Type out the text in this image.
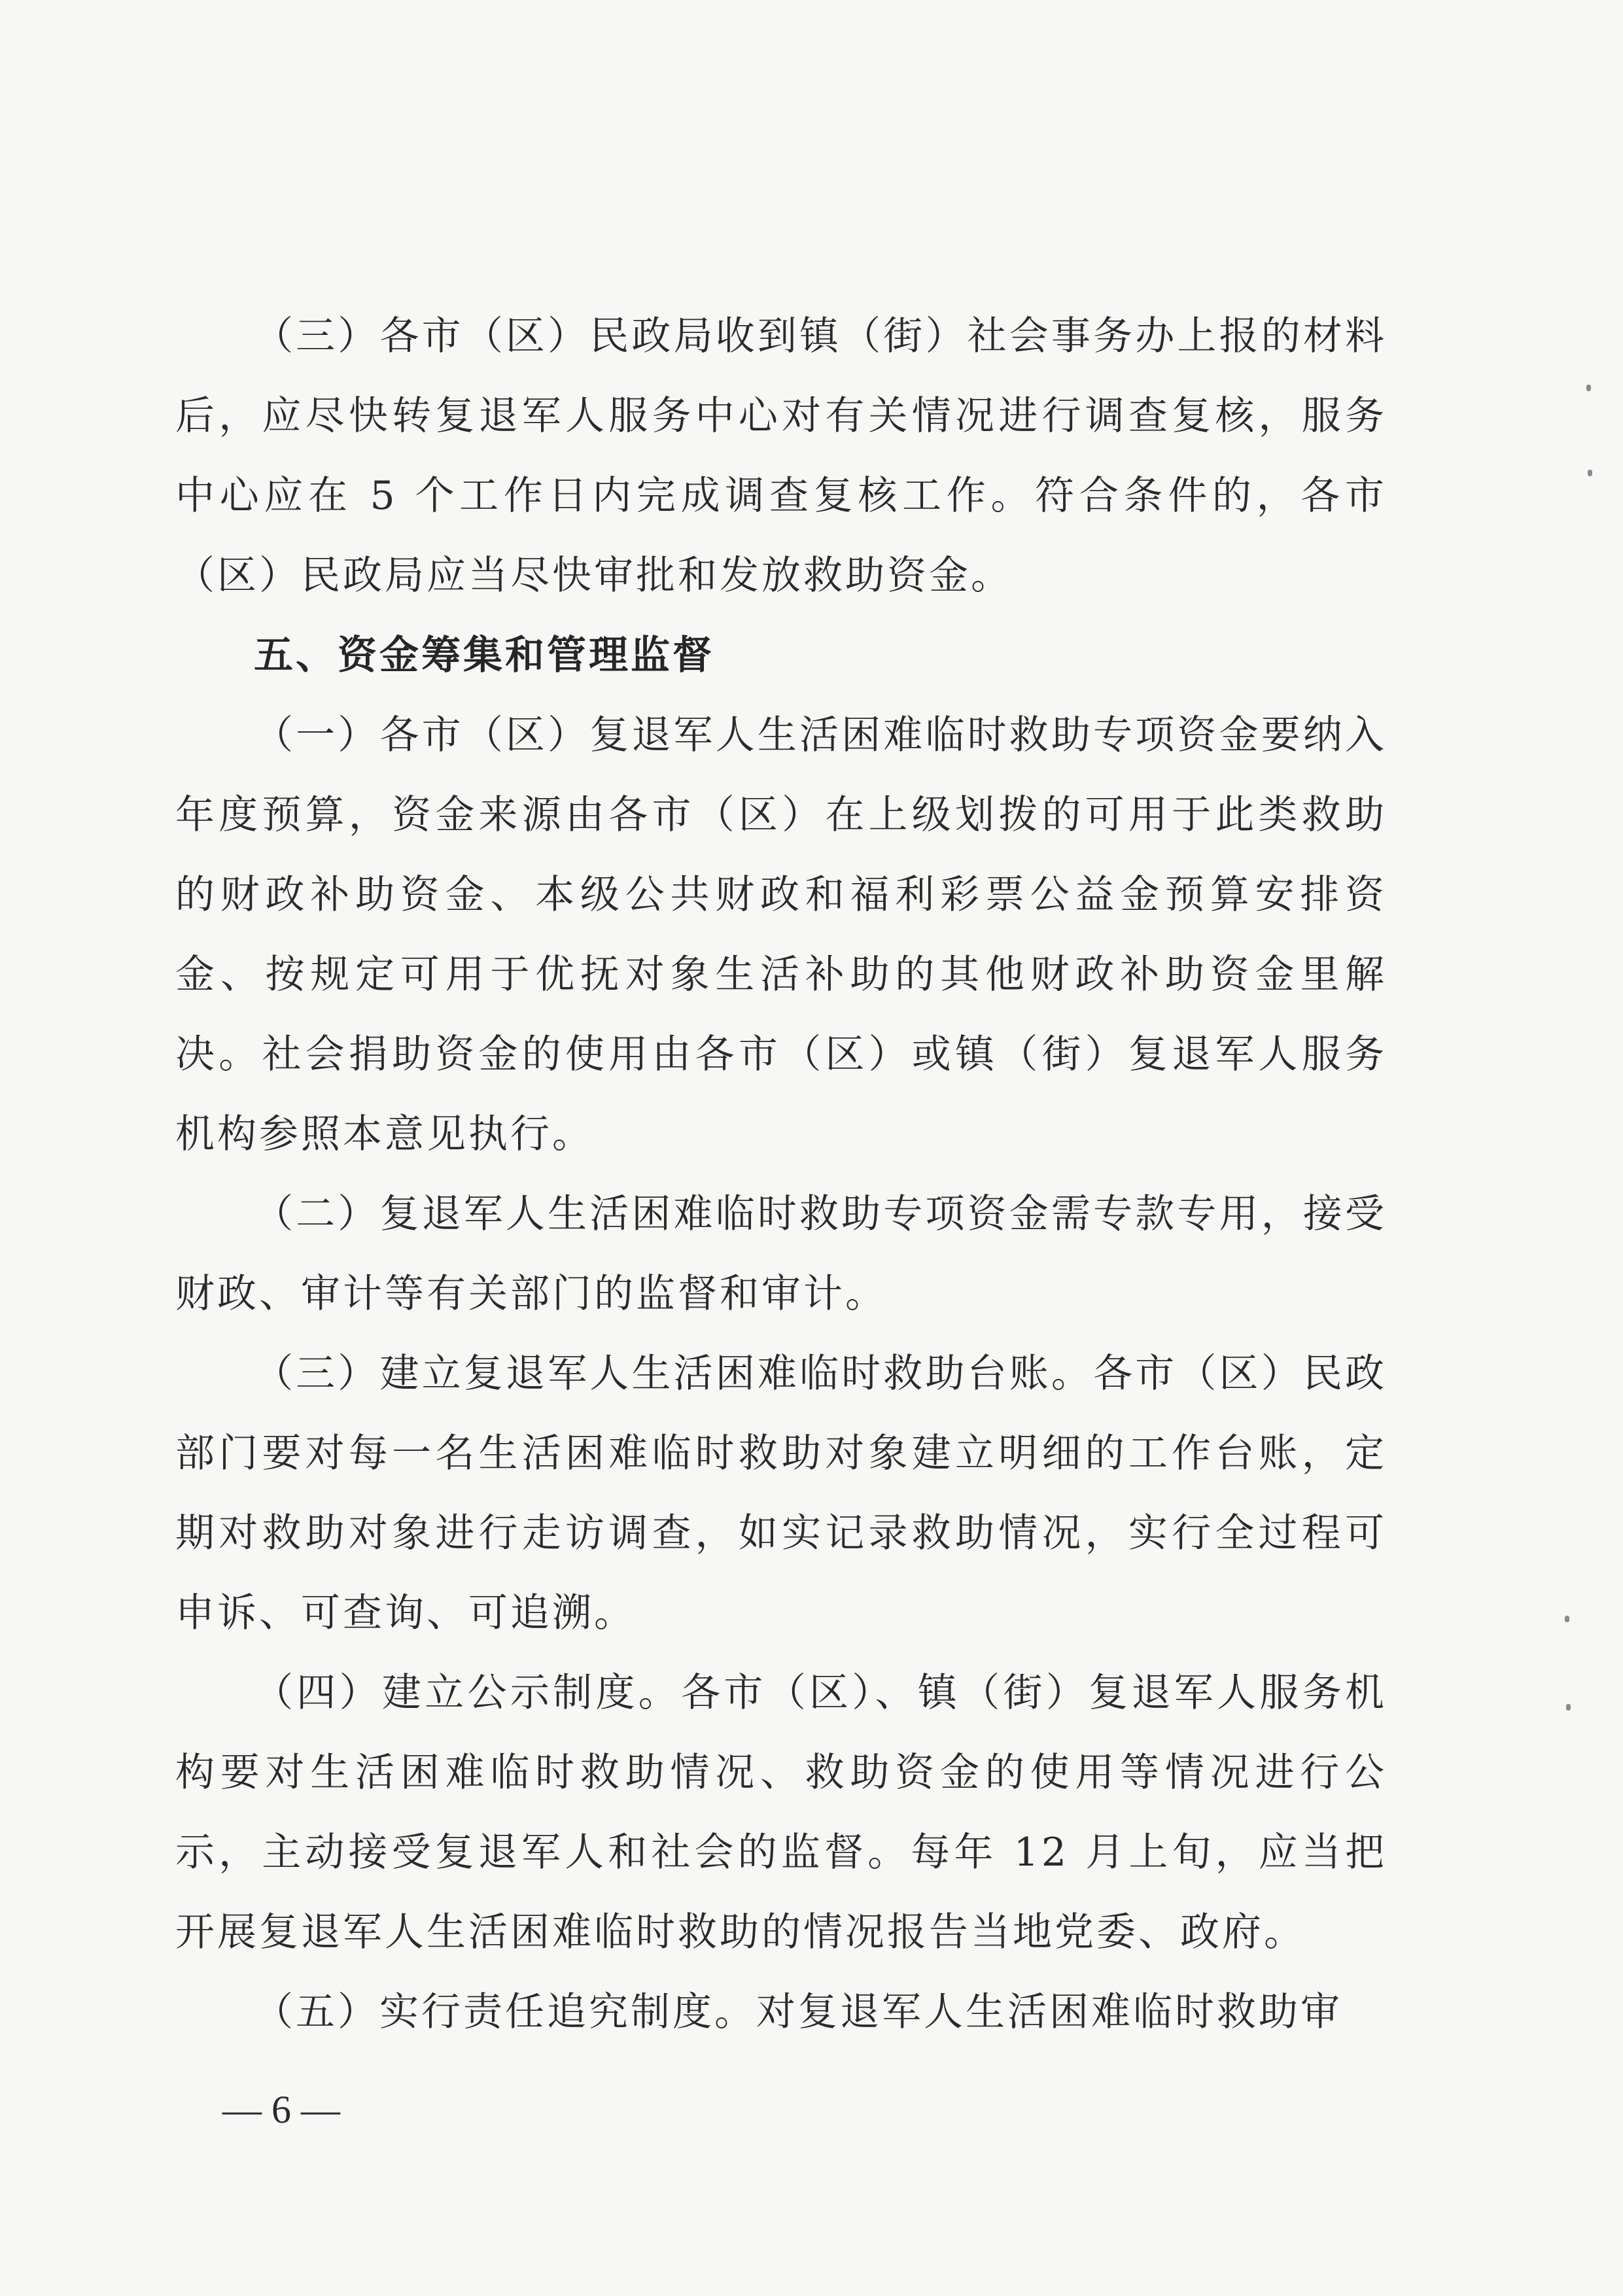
（三）各市（区）民政局收到镇（街）社会事务办上报的材料后，应尽快转复退军人服务中心对有关情况进行调查复核，服务中心应在 5 个工作日内完成调查复核工作。符合条件的，各市（区）民政局应当尽快审批和发放救助资金。

五、资金筹集和管理监督

（一）各市（区）复退军人生活困难临时救助专项资金要纳入年度预算，资金来源由各市（区）在上级划拨的可用于此类救助的财政补助资金、本级公共财政和福利彩票公益金预算安排资金、按规定可用于优抚对象生活补助的其他财政补助资金里解决。社会捐助资金的使用由各市（区）或镇（街）复退军人服务机构参照本意见执行。

（二）复退军人生活困难临时救助专项资金需专款专用，接受财政、审计等有关部门的监督和审计。

（三）建立复退军人生活困难临时救助台账。各市（区）民政部门要对每一名生活困难临时救助对象建立明细的工作台账，定期对救助对象进行走访调查，如实记录救助情况，实行全过程可申诉、可查询、可追溯。

（四）建立公示制度。各市（区）、镇（街）复退军人服务机构要对生活困难临时救助情况、救助资金的使用等情况进行公示，主动接受复退军人和社会的监督。每年 12 月上旬，应当把开展复退军人生活困难临时救助的情况报告当地党委、政府。

（五）实行责任追究制度。对复退军人生活困难临时救助审

— 6 —
